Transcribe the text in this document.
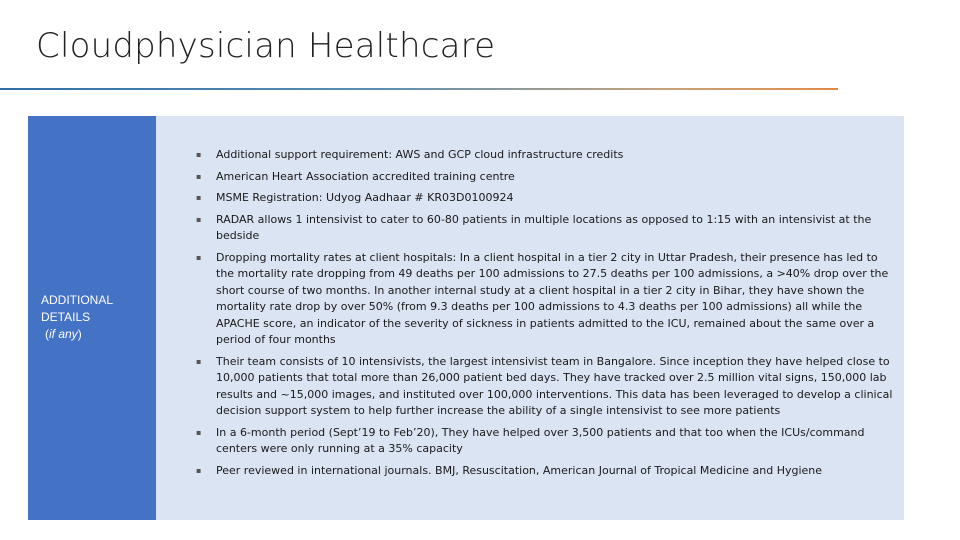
Cloudphysician Healthcare
ADDITIONAL
DETAILS

(if any)
▪ Additional support requirement: AWS and GCP cloud infrastructure credits
▪ American Heart Association accredited training centre
▪ MSME Registration: Udyog Aadhaar # KR03D0100924
▪ RADAR allows 1 intensivist to cater to 60-80 patients in multiple locations as opposed to 1:15 with an intensivist at the bedside
▪ Dropping mortality rates at client hospitals: In a client hospital in a tier 2 city in Uttar Pradesh, their presence has led to the mortality rate dropping from 49 deaths per 100 admissions to 27.5 deaths per 100 admissions, a >40% drop over the short course of two months. In another internal study at a client hospital in a tier 2 city in Bihar, they have shown the mortality rate drop by over 50% (from 9.3 deaths per 100 admissions to 4.3 deaths per 100 admissions) all while the APACHE score, an indicator of the severity of sickness in patients admitted to the ICU, remained about the same over a period of four months
▪ Their team consists of 10 intensivists, the largest intensivist team in Bangalore. Since inception they have helped close to 10,000 patients that total more than 26,000 patient bed days. They have tracked over 2.5 million vital signs, 150,000 lab results and ~15,000 images, and instituted over 100,000 interventions. This data has been leveraged to develop a clinical decision support system to help further increase the ability of a single intensivist to see more patients
▪ In a 6-month period (Sept’19 to Feb’20), They have helped over 3,500 patients and that too when the ICUs/command centers were only running at a 35% capacity
▪ Peer reviewed in international journals. BMJ, Resuscitation, American Journal of Tropical Medicine and Hygiene
